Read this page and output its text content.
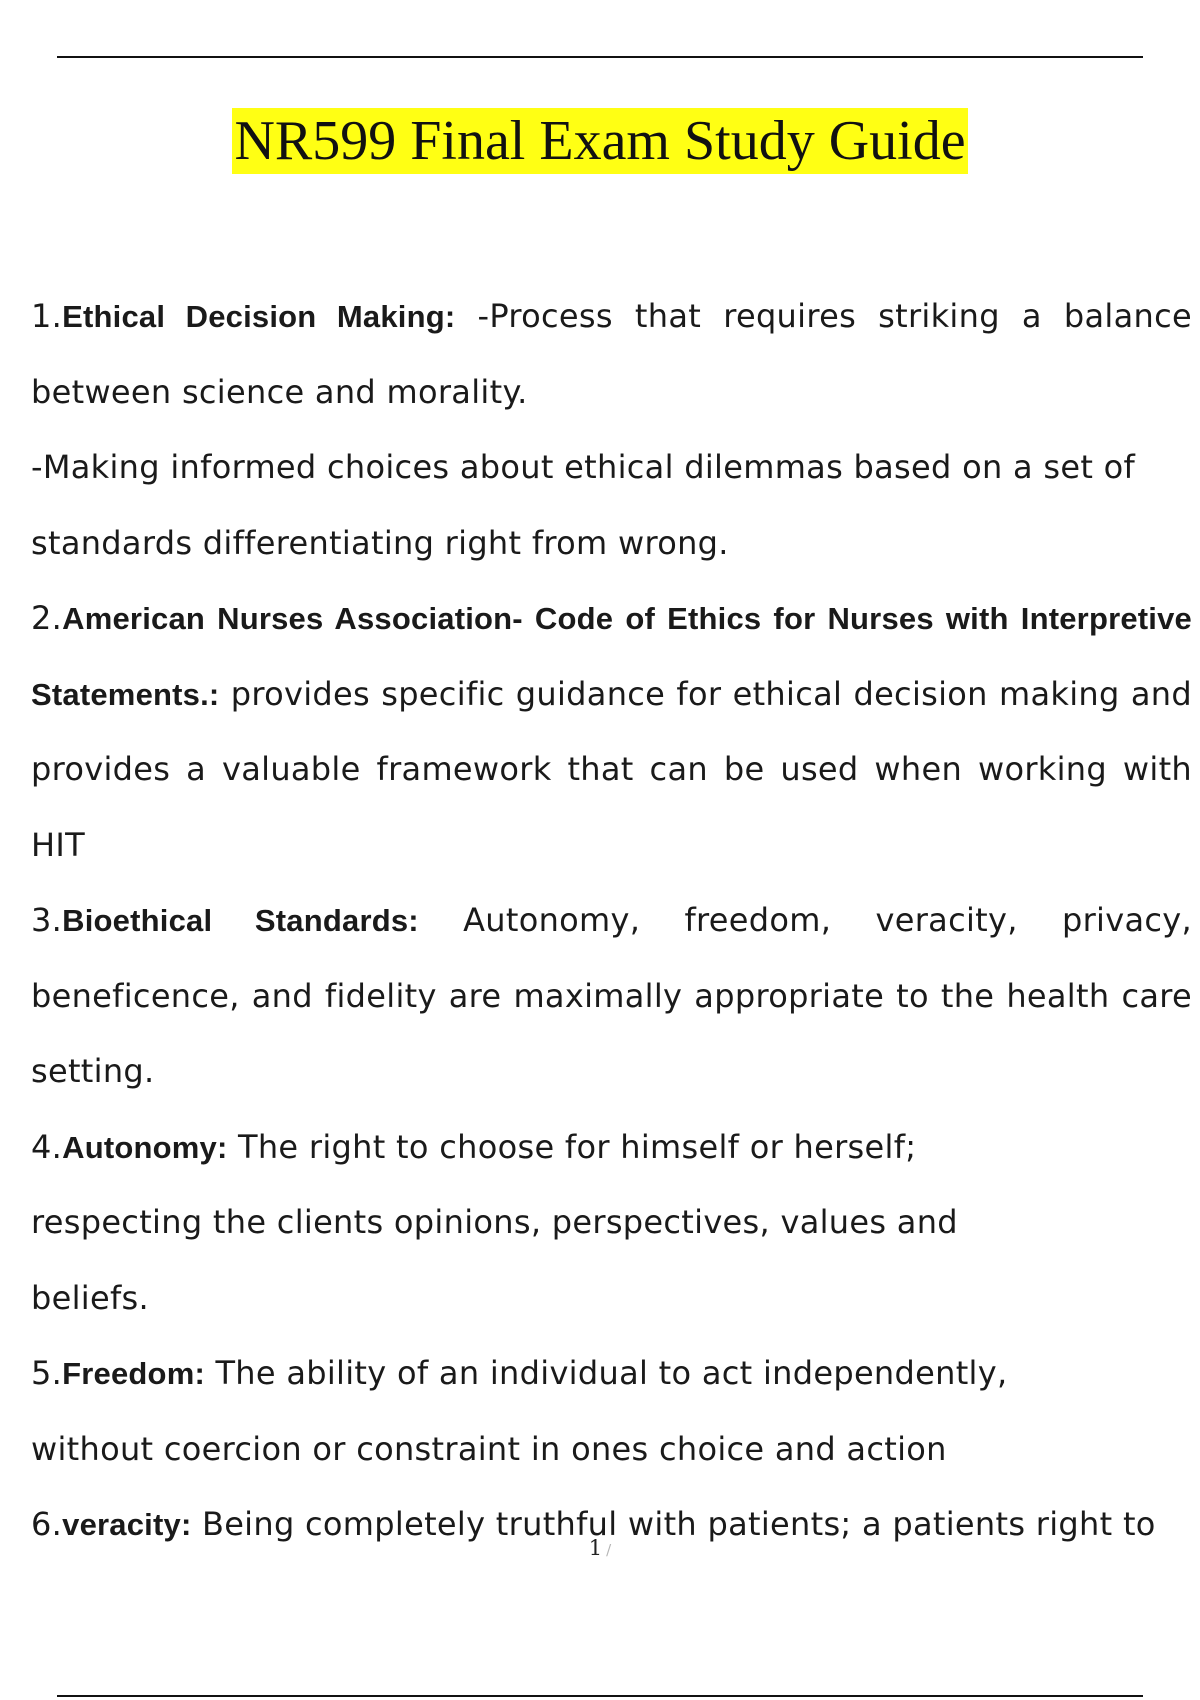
NR599 Final Exam Study Guide

1.Ethical Decision Making: -Process that requires striking a balance between science and morality.

-Making informed choices about ethical dilemmas based on a set of standards differentiating right from wrong.

2.American Nurses Association- Code of Ethics for Nurses with Interpretive Statements.: provides specific guidance for ethical decision making and provides a valuable framework that can be used when working with HIT

3.Bioethical Standards: Autonomy, freedom, veracity, privacy, beneficence, and fidelity are maximally appropriate to the health care setting.

4.Autonomy: The right to choose for himself or herself; respecting the clients opinions, perspectives, values and beliefs.

5.Freedom: The ability of an individual to act independently, without coercion or constraint in ones choice and action

6.veracity: Being completely truthful with patients; a patients right to

1 /
